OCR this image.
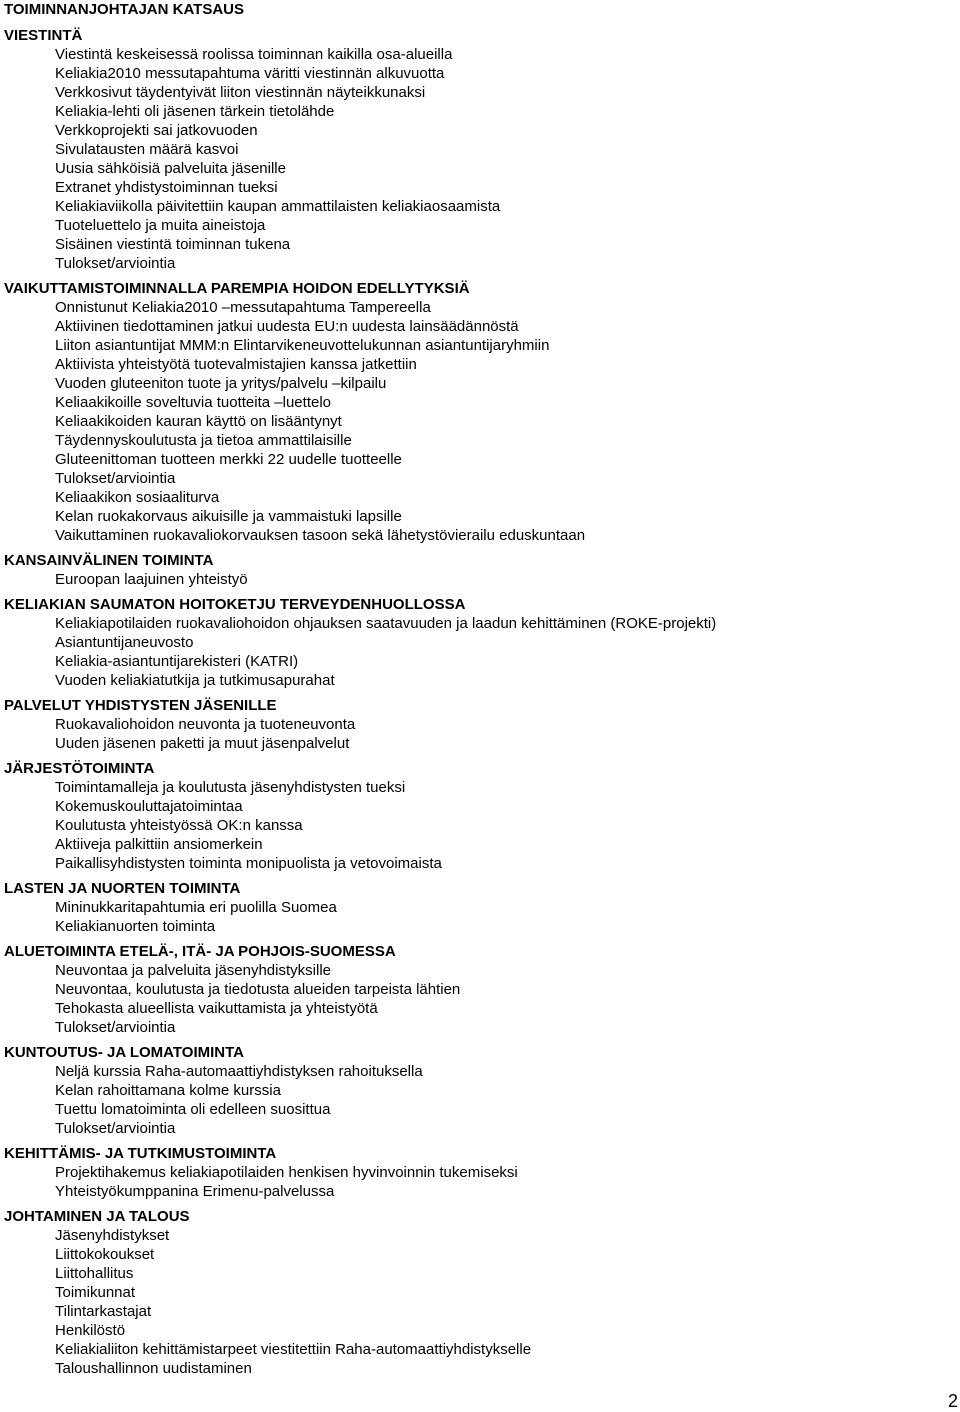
TOIMINNANJOHTAJAN KATSAUS
VIESTINTÄ
Viestintä keskeisessä roolissa toiminnan kaikilla osa-alueilla
Keliakia2010 messutapahtuma väritti viestinnän alkuvuotta
Verkkosivut täydentyivät liiton viestinnän näyteikkunaksi
Keliakia-lehti oli jäsenen tärkein tietolähde
Verkkoprojekti sai jatkovuoden
Sivulatausten määrä kasvoi
Uusia sähköisiä palveluita jäsenille
Extranet yhdistystoiminnan tueksi
Keliakiaviikolla päivitettiin kaupan ammattilaisten keliakiaosaamista
Tuoteluettelo ja muita aineistoja
Sisäinen viestintä toiminnan tukena
Tulokset/arviointia
VAIKUTTAMISTOIMINNALLA PAREMPIA HOIDON EDELLYTYKSIÄ
Onnistunut Keliakia2010 –messutapahtuma Tampereella
Aktiivinen tiedottaminen jatkui uudesta EU:n uudesta lainsäädännöstä
Liiton asiantuntijat MMM:n Elintarvikeneuvottelukunnan asiantuntijaryhmiin
Aktiivista yhteistyötä tuotevalmistajien kanssa jatkettiin
Vuoden gluteeniton tuote ja yritys/palvelu –kilpailu
Keliaakikoille soveltuvia tuotteita –luettelo
Keliaakikoiden kauran käyttö on lisääntynyt
Täydennyskoulutusta ja tietoa ammattilaisille
Gluteenittoman tuotteen merkki 22 uudelle tuotteelle
Tulokset/arviointia
Keliaakikon sosiaaliturva
Kelan ruokakorvaus aikuisille ja vammaistuki lapsille
Vaikuttaminen ruokavaliokorvauksen tasoon sekä lähetystövierailu eduskuntaan
KANSAINVÄLINEN TOIMINTA
Euroopan laajuinen yhteistyö
KELIAKIAN SAUMATON HOITOKETJU TERVEYDENHUOLLOSSA
Keliakiapotilaiden ruokavaliohoidon ohjauksen saatavuuden ja laadun kehittäminen (ROKE-projekti)
Asiantuntijaneuvosto
Keliakia-asiantuntijarekisteri (KATRI)
Vuoden keliakiatutkija ja tutkimusapurahat
PALVELUT YHDISTYSTEN JÄSENILLE
Ruokavaliohoidon neuvonta ja tuoteneuvonta
Uuden jäsenen paketti ja muut jäsenpalvelut
JÄRJESTÖTOIMINTA
Toimintamalleja ja koulutusta jäsenyhdistysten tueksi
Kokemuskouluttajatoimintaa
Koulutusta yhteistyössä OK:n kanssa
Aktiiveja palkittiin ansiomerkein
Paikallisyhdistysten toiminta monipuolista ja vetovoimaista
LASTEN JA NUORTEN TOIMINTA
Mininukkaritapahtumia eri puolilla Suomea
Keliakianuorten toiminta
ALUETOIMINTA ETELÄ-, ITÄ- JA POHJOIS-SUOMESSA
Neuvontaa ja palveluita jäsenyhdistyksille
Neuvontaa, koulutusta ja tiedotusta alueiden tarpeista lähtien
Tehokasta alueellista vaikuttamista ja yhteistyötä
Tulokset/arviointia
KUNTOUTUS- JA LOMATOIMINTA
Neljä kurssia Raha-automaattiyhdistyksen rahoituksella
Kelan rahoittamana kolme kurssia
Tuettu lomatoiminta oli edelleen suosittua
Tulokset/arviointia
KEHITTÄMIS- JA TUTKIMUSTOIMINTA
Projektihakemus keliakiapotilaiden henkisen hyvinvoinnin tukemiseksi
Yhteistyökumppanina Erimenu-palvelussa
JOHTAMINEN JA TALOUS
Jäsenyhdistykset
Liittokokoukset
Liittohallitus
Toimikunnat
Tilintarkastajat
Henkilöstö
Keliakialiiton kehittämistarpeet viestitettiin Raha-automaattiyhdistykselle
Taloushallinnon uudistaminen
2
